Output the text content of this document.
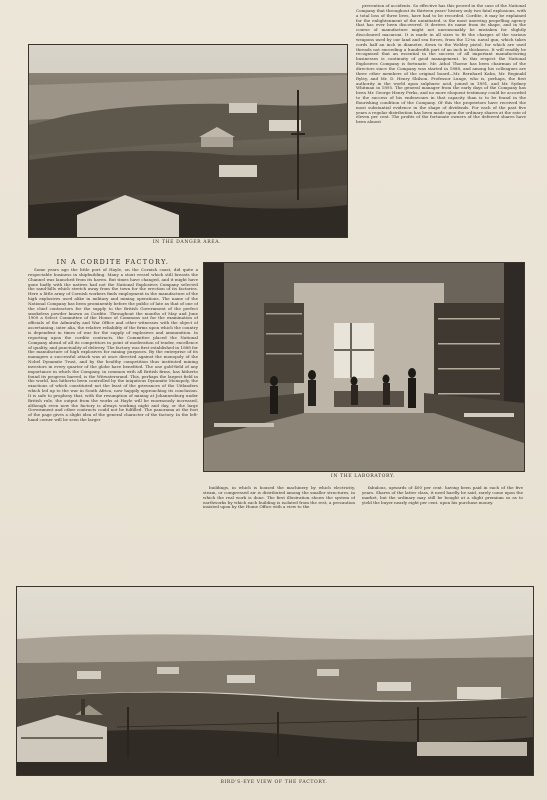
IN THE DANGER AREA.

prevention of accidents. So effective has this proved in the case of the National Company that throughout its thirteen years' history only two fatal explosions, with a total loss of three lives, have had to be recorded. Cordite, it may be explained for the enlightenment of the uninitiated, is the most unerring propelling agency that has ever been discovered. It derives its name from its shape, and in the course of manufacture might not unreasonably be mistaken for slightly discoloured macaroni. It is made in all sizes to fit the charges of the various weapons used by our land and sea forces, from the 12-in. naval gun, which takes cords half an inch in diameter, down to the Webley pistol, for which are used threads not exceeding a hundredth part of an inch in thickness. It will readily be recognised that an essential in the success of all important manufacturing businesses is continuity of good management. In this respect the National Explosives Company is fortunate. Mr. Athol Thorne has been chairman of the directors since the Company was started in 1888, and among his colleagues are three other members of the original board—Mr. Bernhard Kahn, Mr. Reginald Ryley, and Mr. D. Henry Shilson. Professor Lunge, who is, perhaps, the first authority in the world upon sulphuric acid, joined in 1891, and Mr. Sydney Whitman in 1895. The general manager from the early days of the Company has been Mr. George Henry Perks, and no more eloquent testimony could be accorded to the success of his endeavours in that capacity than is to be found in the flourishing condition of the Company. Of this the proprietors have received the most substantial evidence in the shape of dividends. For each of the past five years a regular distribution has been made upon the ordinary shares at the rate of eleven per cent. The profits of the fortunate owners of the deferred shares have been almost

IN A CORDITE FACTORY.

Some years ago the little port of Hayle, on the Cornish coast, did quite a respectable business in shipbuilding. Many a stout vessel which still breasts the Channel was launched from its haven. But times have changed, and it might have gone badly with the natives had not the National Explosives Company selected the sand-hills which stretch away from the town for the erection of its factories. Here a little army of Cornish workers finds employment in the manufacture of the high explosives used alike in military and mining operations. The name of the National Company has been prominently before the public of late as that of one of the chief contractors for the supply to the British Government of the perfect smokeless powder known as Cordite. Throughout the months of May and June 1900 a Select Committee of the House of Commons sat for the examination of officials of the Admiralty and War Office and other witnesses with the object of ascertaining, inter alia, the relative reliability of the firms upon which the country is dependent in times of war for the supply of explosives and ammunition. In reporting upon the cordite contracts, the Committee placed the National Company ahead of all its competitors in point of moderation of tender, excellence of quality, and punctuality of delivery. The factory was first established in 1888 for the manufacture of high explosives for mining purposes. By the enterprise of its managers a successful attack was at once directed against the monopoly of the Nobel Dynamite Trust, and by the healthy competition thus instituted mining investors in every quarter of the globe have benefited. The one gold-field of any importance in which the Company, in common with all British firms, has hitherto found its progress barred, is the Witwatersrand. This, perhaps the largest field in the world, has hitherto been controlled by the iniquitous Dynamite Monopoly, the exactions of which constituted not the least of the grievances of the Uitlanders which led up to the war in South Africa, now happily approaching its conclusion. It is safe to prophesy that, with the resumption of mining at Johannesburg under British rule, the output from the works at Hayle will be enormously increased, although even now the factory is always working night and day, or the large Government and other contracts could not be fulfilled. The panorama at the foot of the page gives a slight idea of the general character of the factory. In the left-hand corner will be seen the larger

IN THE LABORATORY.

buildings, in which is housed the machinery by which electricity, steam, or compressed air is distributed among the smaller structures, in which the real work is done. The first illustration shows the system of earthworks by which each building is isolated from the rest, a precaution insisted upon by the Home Office with a view to the

fabulous, upwards of 400 per cent. having been paid in each of the five years. Shares of the latter class, it need hardly be said, rarely come upon the market, but the ordinary may still be bought at a slight premium so as to yield the buyer nearly eight per cent. upon his purchase money.

BIRD'S-EYE VIEW OF THE FACTORY.
